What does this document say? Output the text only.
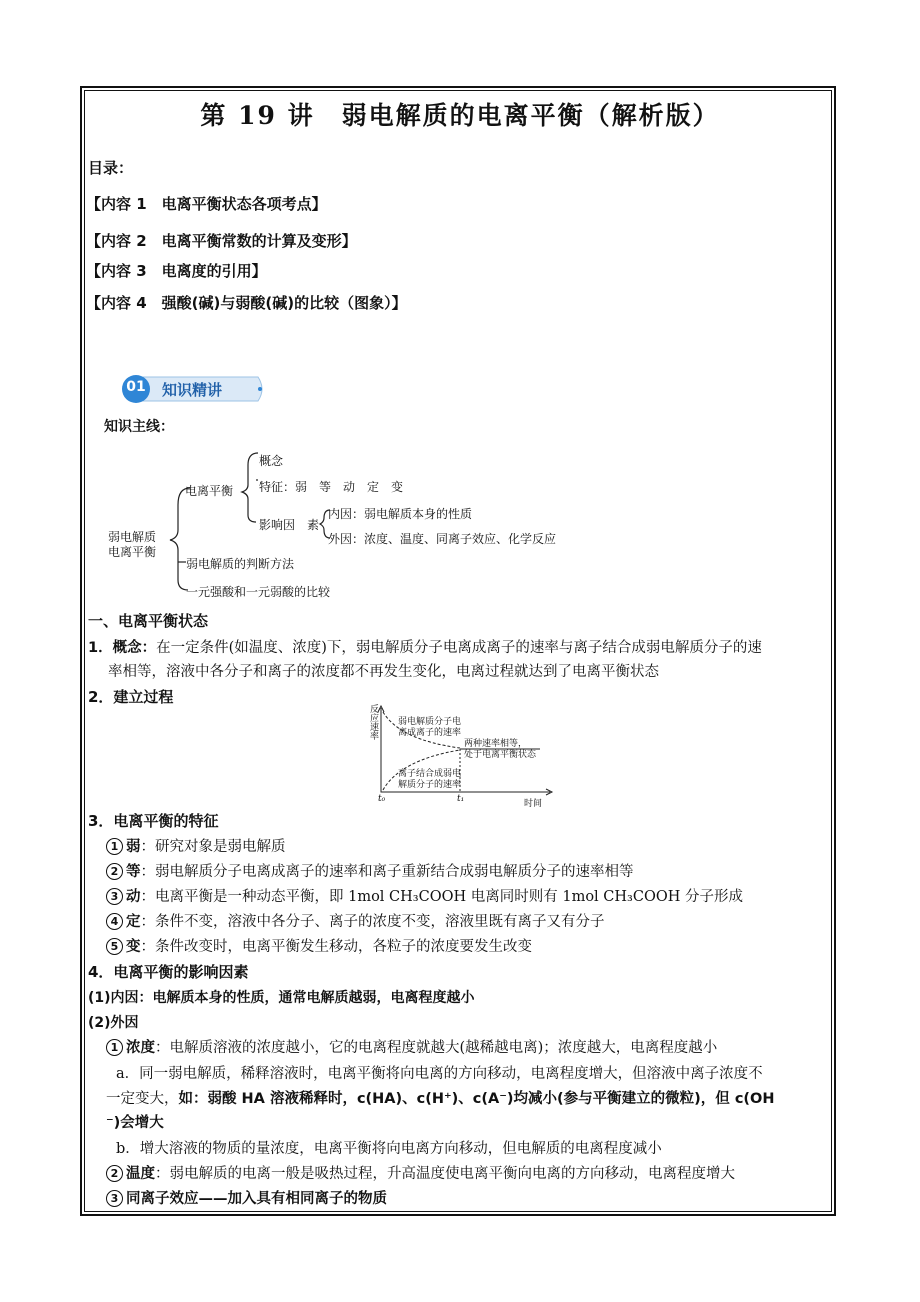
第 19 讲　弱电解质的电离平衡（解析版）
目录：
【内容 1　电离平衡状态各项考点】
【内容 2　电离平衡常数的计算及变形】
【内容 3　电离度的引用】
【内容 4　强酸(碱)与弱酸(碱)的比较（图象）】
01 知识精讲
知识主线：
弱电解质
电离平衡
电离平衡
概念
特征：弱　等　动　定　变
影响因　素
内因：弱电解质本身的性质
外因：浓度、温度、同离子效应、化学反应
弱电解质的判断方法
一元强酸和一元弱酸的比较
一、电离平衡状态
1．概念：在一定条件(如温度、浓度)下，弱电解质分子电离成离子的速率与离子结合成弱电解质分子的速
率相等，溶液中各分子和离子的浓度都不再发生变化，电离过程就达到了电离平衡状态
2．建立过程
反
应
速
率
弱电解质分子电
离成离子的速率
两种速率相等，
处于电离平衡状态
离子结合成弱电
解质分子的速率
t₀	t₁	时间
3．电离平衡的特征
1 弱：研究对象是弱电解质
2 等：弱电解质分子电离成离子的速率和离子重新结合成弱电解质分子的速率相等
3 动：电离平衡是一种动态平衡，即 1mol CH₃COOH 电离同时则有 1mol CH₃COOH 分子形成
4 定：条件不变，溶液中各分子、离子的浓度不变，溶液里既有离子又有分子
5 变：条件改变时，电离平衡发生移动，各粒子的浓度要发生改变
4．电离平衡的影响因素
(1)内因：电解质本身的性质，通常电解质越弱，电离程度越小
(2)外因
1 浓度：电解质溶液的浓度越小，它的电离程度就越大(越稀越电离)；浓度越大，电离程度越小
a．同一弱电解质，稀释溶液时，电离平衡将向电离的方向移动，电离程度增大，但溶液中离子浓度不
一定变大，如：弱酸 HA 溶液稀释时，c(HA)、c(H⁺)、c(A⁻)均减小(参与平衡建立的微粒)，但 c(OH
⁻)会增大
b．增大溶液的物质的量浓度，电离平衡将向电离方向移动，但电解质的电离程度减小
2 温度：弱电解质的电离一般是吸热过程，升高温度使电离平衡向电离的方向移动，电离程度增大
3 同离子效应——加入具有相同离子的物质
